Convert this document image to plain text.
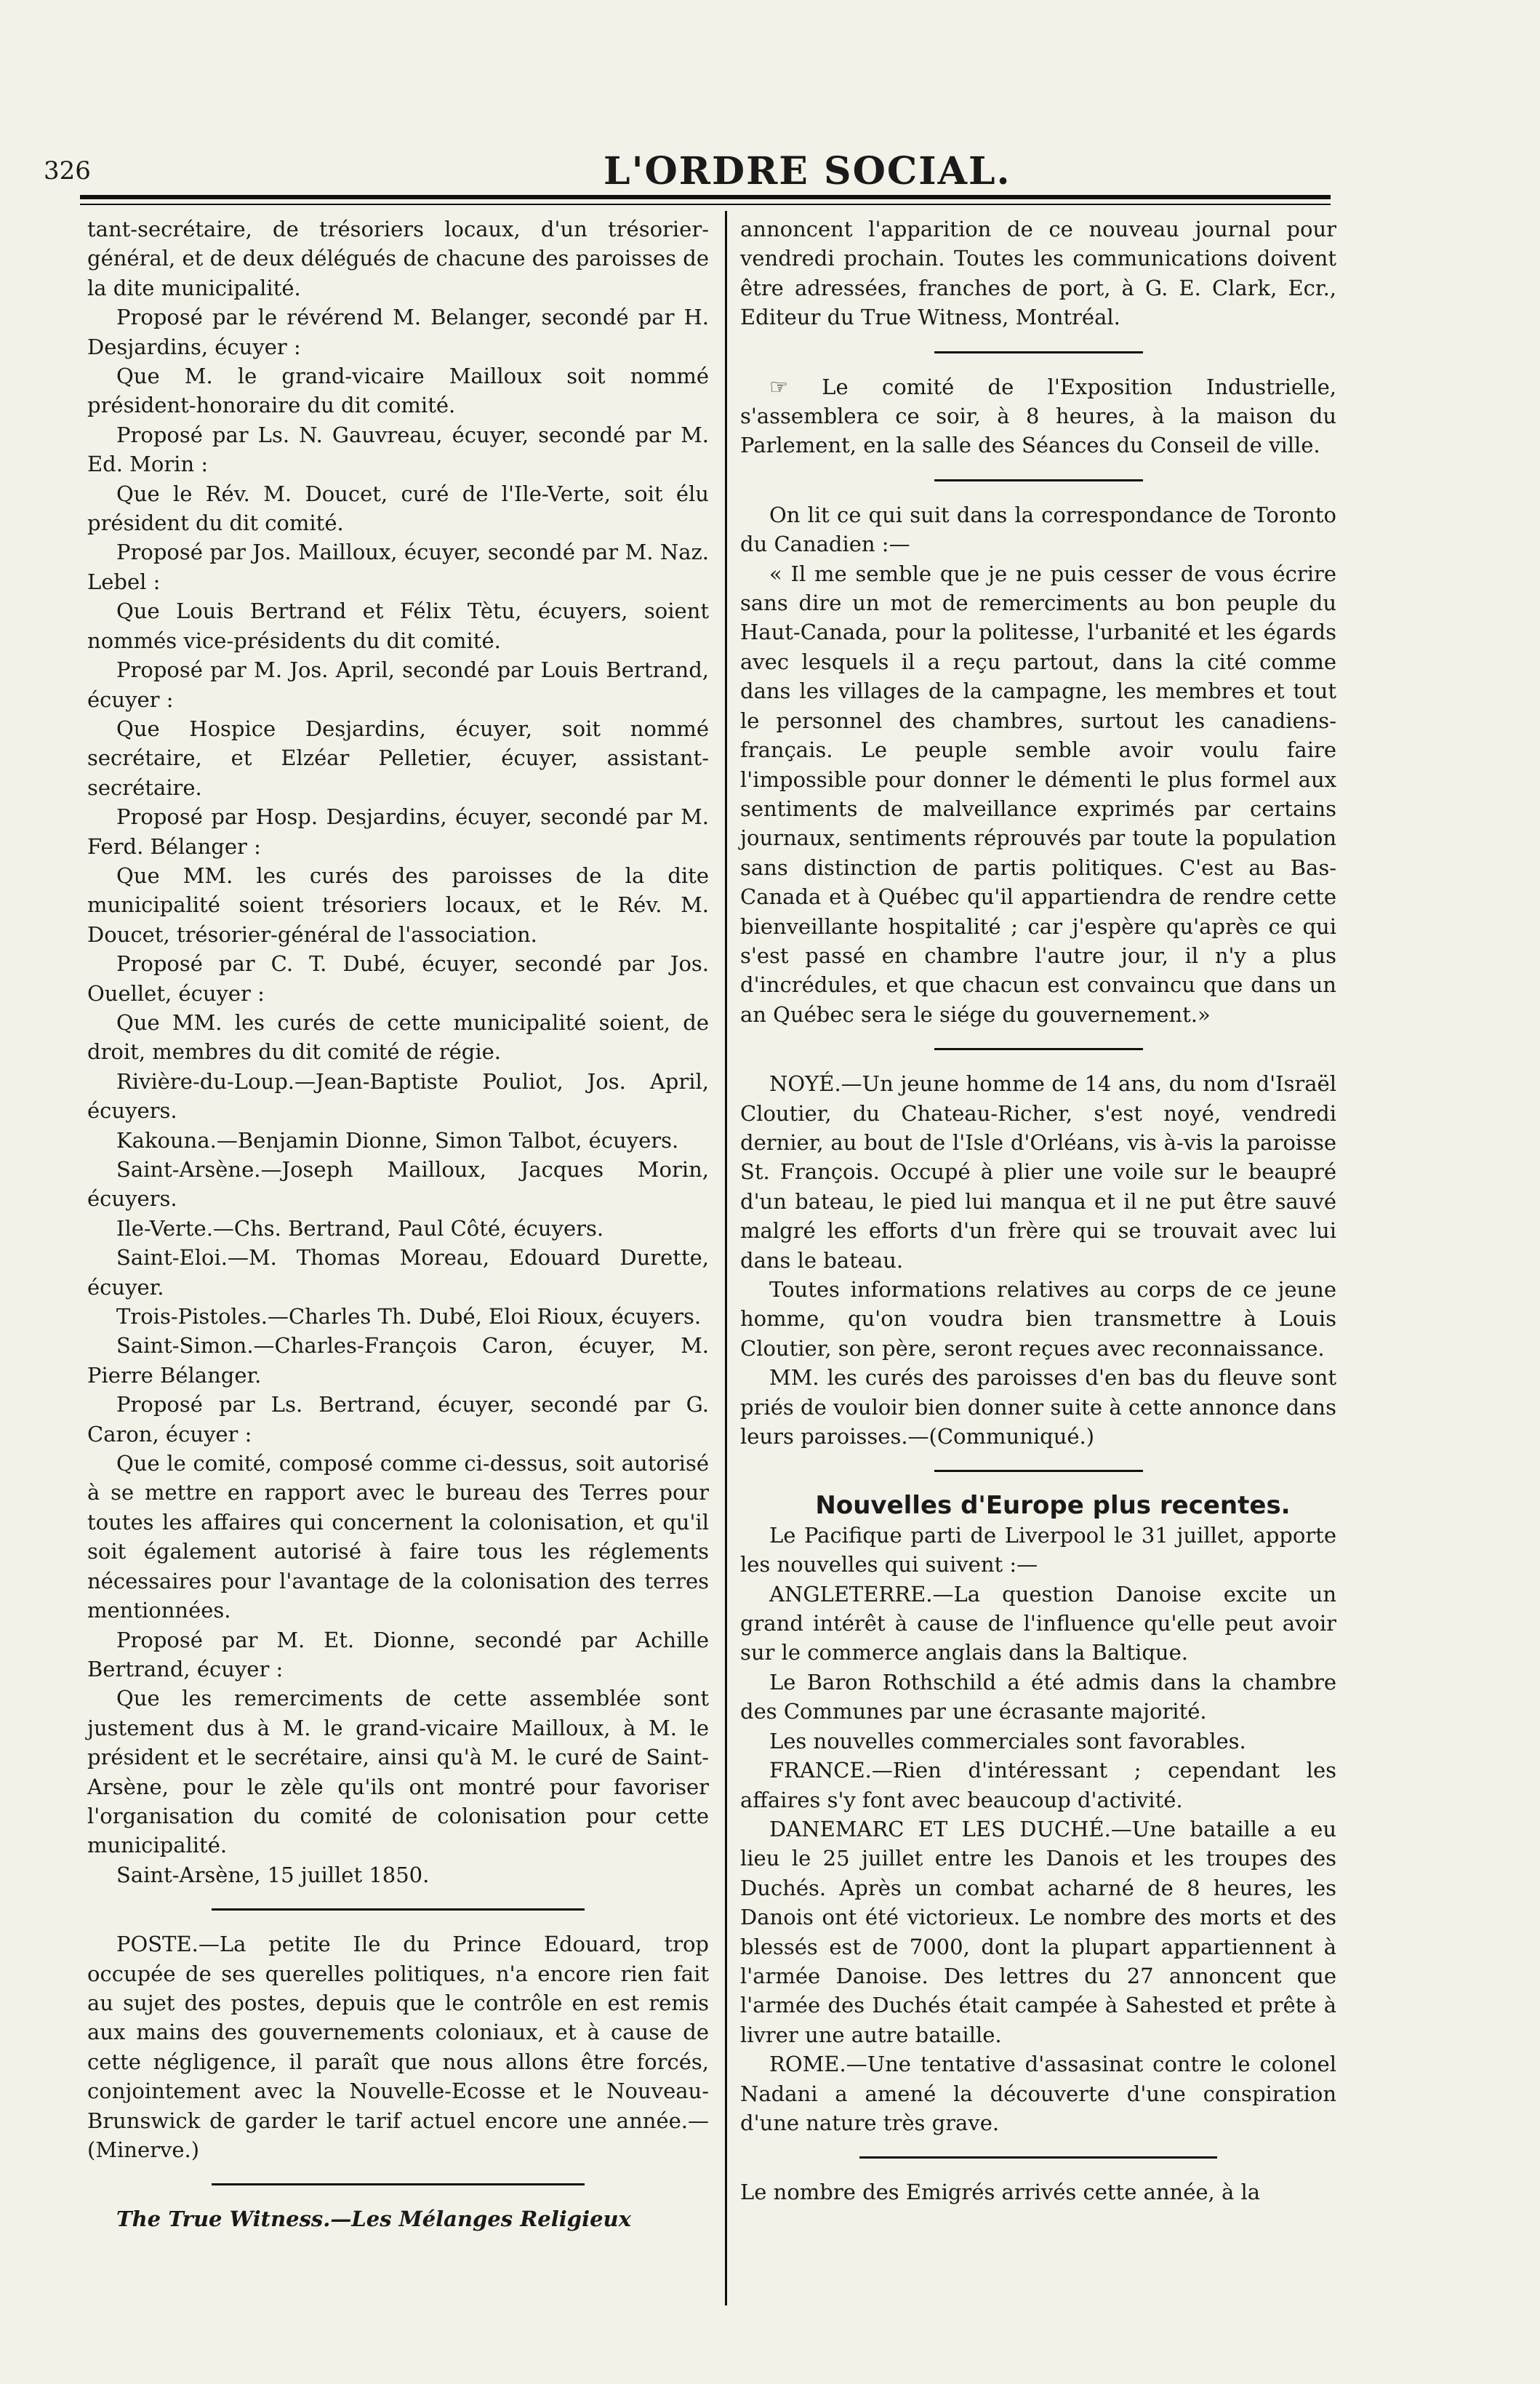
326	L'ORDRE SOCIAL.

tant-secrétaire, de trésoriers locaux, d'un trésorier-général, et de deux délégués de chacune des paroisses de la dite municipalité.

Proposé par le révérend M. Belanger, secondé par H. Desjardins, écuyer :

Que M. le grand-vicaire Mailloux soit nommé président-honoraire du dit comité.

Proposé par Ls. N. Gauvreau, écuyer, secondé par M. Ed. Morin :

Que le Rév. M. Doucet, curé de l'Ile-Verte, soit élu président du dit comité.

Proposé par Jos. Mailloux, écuyer, secondé par M. Naz. Lebel :

Que Louis Bertrand et Félix Tètu, écuyers, soient nommés vice-présidents du dit comité.

Proposé par M. Jos. April, secondé par Louis Bertrand, écuyer :

Que Hospice Desjardins, écuyer, soit nommé secrétaire, et Elzéar Pelletier, écuyer, assistant-secrétaire.

Proposé par Hosp. Desjardins, écuyer, secondé par M. Ferd. Bélanger :

Que MM. les curés des paroisses de la dite municipalité soient trésoriers locaux, et le Rév. M. Doucet, trésorier-général de l'association.

Proposé par C. T. Dubé, écuyer, secondé par Jos. Ouellet, écuyer :

Que MM. les curés de cette municipalité soient, de droit, membres du dit comité de régie.

Rivière-du-Loup.—Jean-Baptiste Pouliot, Jos. April, écuyers.

Kakouna.—Benjamin Dionne, Simon Talbot, écuyers.

Saint-Arsène.—Joseph Mailloux, Jacques Morin, écuyers.

Ile-Verte.—Chs. Bertrand, Paul Côté, écuyers.

Saint-Eloi.—M. Thomas Moreau, Edouard Durette, écuyer.

Trois-Pistoles.—Charles Th. Dubé, Eloi Rioux, écuyers.

Saint-Simon.—Charles-François Caron, écuyer, M. Pierre Bélanger.

Proposé par Ls. Bertrand, écuyer, secondé par G. Caron, écuyer :

Que le comité, composé comme ci-dessus, soit autorisé à se mettre en rapport avec le bureau des Terres pour toutes les affaires qui concernent la colonisation, et qu'il soit également autorisé à faire tous les réglements nécessaires pour l'avantage de la colonisation des terres mentionnées.

Proposé par M. Et. Dionne, secondé par Achille Bertrand, écuyer :

Que les remerciments de cette assemblée sont justement dus à M. le grand-vicaire Mailloux, à M. le président et le secrétaire, ainsi qu'à M. le curé de Saint-Arsène, pour le zèle qu'ils ont montré pour favoriser l'organisation du comité de colonisation pour cette municipalité.

Saint-Arsène, 15 juillet 1850.

POSTE.—La petite Ile du Prince Edouard, trop occupée de ses querelles politiques, n'a encore rien fait au sujet des postes, depuis que le contrôle en est remis aux mains des gouvernements coloniaux, et à cause de cette négligence, il paraît que nous allons être forcés, conjointement avec la Nouvelle-Ecosse et le Nouveau-Brunswick de garder le tarif actuel encore une année.—(Minerve.)

The True Witness.—Les Mélanges Religieux

annoncent l'apparition de ce nouveau journal pour vendredi prochain. Toutes les communications doivent être adressées, franches de port, à G. E. Clark, Ecr., Editeur du True Witness, Montréal.

☞ Le comité de l'Exposition Industrielle, s'assemblera ce soir, à 8 heures, à la maison du Parlement, en la salle des Séances du Conseil de ville.

On lit ce qui suit dans la correspondance de Toronto du Canadien :—

« Il me semble que je ne puis cesser de vous écrire sans dire un mot de remerciments au bon peuple du Haut-Canada, pour la politesse, l'urbanité et les égards avec lesquels il a reçu partout, dans la cité comme dans les villages de la campagne, les membres et tout le personnel des chambres, surtout les canadiens-français. Le peuple semble avoir voulu faire l'impossible pour donner le démenti le plus formel aux sentiments de malveillance exprimés par certains journaux, sentiments réprouvés par toute la population sans distinction de partis politiques. C'est au Bas-Canada et à Québec qu'il appartiendra de rendre cette bienveillante hospitalité ; car j'espère qu'après ce qui s'est passé en chambre l'autre jour, il n'y a plus d'incrédules, et que chacun est convaincu que dans un an Québec sera le siége du gouvernement.»

NOYÉ.—Un jeune homme de 14 ans, du nom d'Israël Cloutier, du Chateau-Richer, s'est noyé, vendredi dernier, au bout de l'Isle d'Orléans, vis à-vis la paroisse St. François. Occupé à plier une voile sur le beaupré d'un bateau, le pied lui manqua et il ne put être sauvé malgré les efforts d'un frère qui se trouvait avec lui dans le bateau.

Toutes informations relatives au corps de ce jeune homme, qu'on voudra bien transmettre à Louis Cloutier, son père, seront reçues avec reconnaissance.

MM. les curés des paroisses d'en bas du fleuve sont priés de vouloir bien donner suite à cette annonce dans leurs paroisses.—(Communiqué.)

Nouvelles d'Europe plus recentes.

Le Pacifique parti de Liverpool le 31 juillet, apporte les nouvelles qui suivent :—

ANGLETERRE.—La question Danoise excite un grand intérêt à cause de l'influence qu'elle peut avoir sur le commerce anglais dans la Baltique.

Le Baron Rothschild a été admis dans la chambre des Communes par une écrasante majorité.

Les nouvelles commerciales sont favorables.

FRANCE.—Rien d'intéressant ; cependant les affaires s'y font avec beaucoup d'activité.

DANEMARC ET LES DUCHÉ.—Une bataille a eu lieu le 25 juillet entre les Danois et les troupes des Duchés. Après un combat acharné de 8 heures, les Danois ont été victorieux. Le nombre des morts et des blessés est de 7000, dont la plupart appartiennent à l'armée Danoise. Des lettres du 27 annoncent que l'armée des Duchés était campée à Sahested et prête à livrer une autre bataille.

ROME.—Une tentative d'assasinat contre le colonel Nadani a amené la découverte d'une conspiration d'une nature très grave.

Le nombre des Emigrés arrivés cette année, à la
